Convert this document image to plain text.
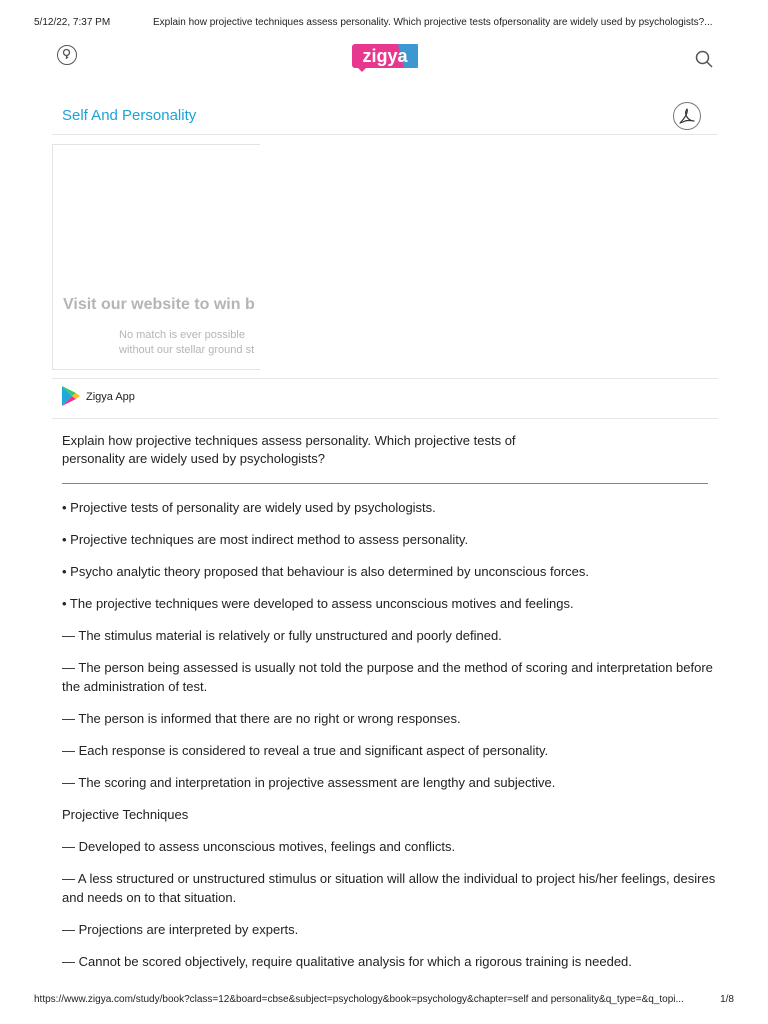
5/12/22, 7:37 PM	Explain how projective techniques assess personality. Which projective tests ofpersonality are widely used by psychologists?...
zigya
Self And Personality
Visit our website to win b
No match is ever possible
without our stellar ground st
Zigya App
Explain how projective techniques assess personality. Which projective tests of
personality are widely used by psychologists?

• Projective tests of personality are widely used by psychologists.

• Projective techniques are most indirect method to assess personality.

• Psycho analytic theory proposed that behaviour is also determined by unconscious forces.

• The projective techniques were developed to assess unconscious motives and feelings.

— The stimulus material is relatively or fully unstructured and poorly defined.

— The person being assessed is usually not told the purpose and the method of scoring and interpretation before the administration of test.

— The person is informed that there are no right or wrong responses.

— Each response is considered to reveal a true and significant aspect of personality.

— The scoring and interpretation in projective assessment are lengthy and subjective.

Projective Techniques

— Developed to assess unconscious motives, feelings and conflicts.

— A less structured or unstructured stimulus or situation will allow the individual to project his/her feelings, desires and needs on to that situation.

— Projections are interpreted by experts.

— Cannot be scored objectively, require qualitative analysis for which a rigorous training is needed.

https://www.zigya.com/study/book?class=12&board=cbse&subject=psychology&book=psychology&chapter=self and personality&q_type=&q_topi...	1/8
